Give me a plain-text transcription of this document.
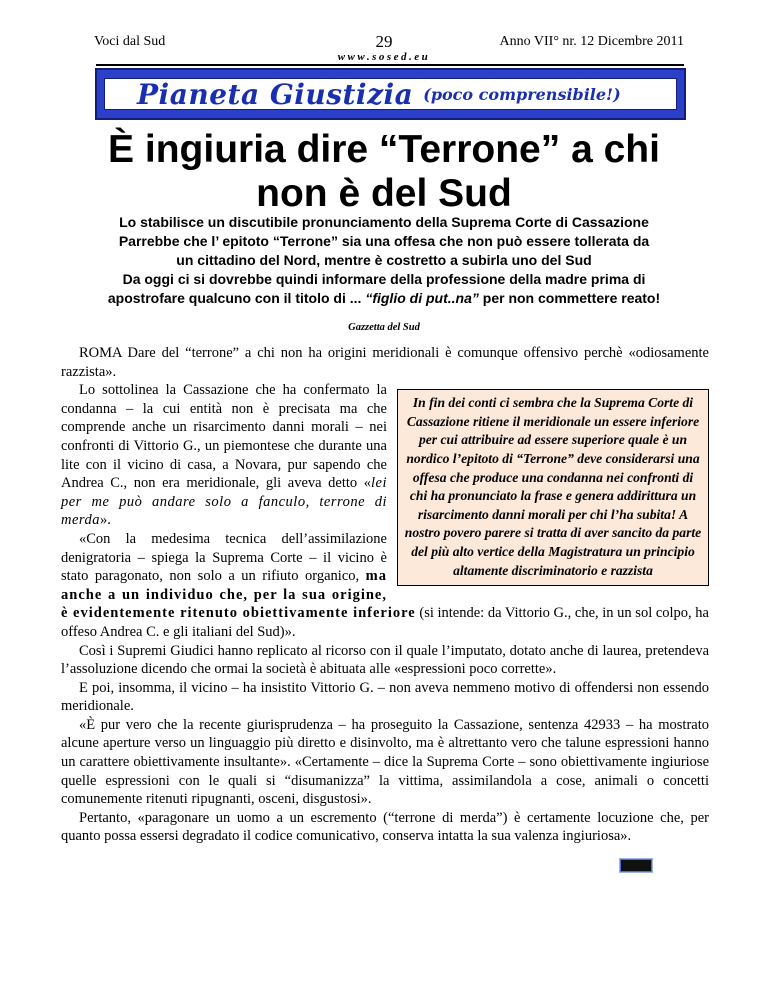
Voci dal Sud	29
www.sosed.eu
Anno VII° nr. 12 Dicembre 2011
Pianeta Giustizia (poco comprensibile!)
È ingiuria dire “Terrone” a chi
non è del Sud
Lo stabilisce un discutibile pronunciamento della Suprema Corte di Cassazione
Parrebbe che l’ epitoto “Terrone” sia una offesa che non può essere tollerata da
un cittadino del Nord, mentre è costretto a subirla uno del Sud
Da oggi ci si dovrebbe quindi informare della professione della madre prima di
apostrofare qualcuno con il titolo di ... “figlio di put..na” per non commettere reato!
Gazzetta del Sud

ROMA Dare del “terrone” a chi non ha origini meridionali è comunque offensivo perchè «odiosamente razzista».

In fin dei conti ci sembra che la Suprema Corte di Cassazione ritiene il meridionale un essere inferiore per cui attribuire ad essere superiore quale è un nordico l’epitoto di “Terrone” deve considerarsi una offesa che produce una condanna nei confronti di chi ha pronunciato la frase e genera addirittura un risarcimento danni morali per chi l’ha subita! A nostro povero parere si tratta di aver sancito da parte del più alto vertice della Magistratura un principio altamente discriminatorio e razzista
Lo sottolinea la Cassazione che ha confermato la condanna – la cui entità non è precisata ma che comprende anche un risarcimento danni morali – nei confronti di Vittorio G., un piemontese che durante una lite con il vicino di casa, a Novara, pur sapendo che Andrea C., non era meridionale, gli aveva detto «lei per me può andare solo a fanculo, terrone di merda».

«Con la medesima tecnica dell’assimilazione denigratoria – spiega la Suprema Corte – il vicino è stato paragonato, non solo a un rifiuto organico, ma anche a un individuo che, per la sua origine, è evidentemente ritenuto obiettivamente inferiore (si intende: da Vittorio G., che, in un sol colpo, ha offeso Andrea C. e gli italiani del Sud)».

Così i Supremi Giudici hanno replicato al ricorso con il quale l’imputato, dotato anche di laurea, pretendeva l’assoluzione dicendo che ormai la società è abituata alle «espressioni poco corrette».

E poi, insomma, il vicino – ha insistito Vittorio G. – non aveva nemmeno motivo di offendersi non essendo meridionale.

«È pur vero che la recente giurisprudenza – ha proseguito la Cassazione, sentenza 42933 – ha mostrato alcune aperture verso un linguaggio più diretto e disinvolto, ma è altrettanto vero che talune espressioni hanno un carattere obiettivamente insultante». «Certamente – dice la Suprema Corte – sono obiettivamente ingiuriose quelle espressioni con le quali si “disumanizza” la vittima, assimilandola a cose, animali o concetti comunemente ritenuti ripugnanti, osceni, disgustosi».

Pertanto, «paragonare un uomo a un escremento (“terrone di merda”) è certamente locuzione che, per quanto possa essersi degradato il codice comunicativo, conserva intatta la sua valenza ingiuriosa».
